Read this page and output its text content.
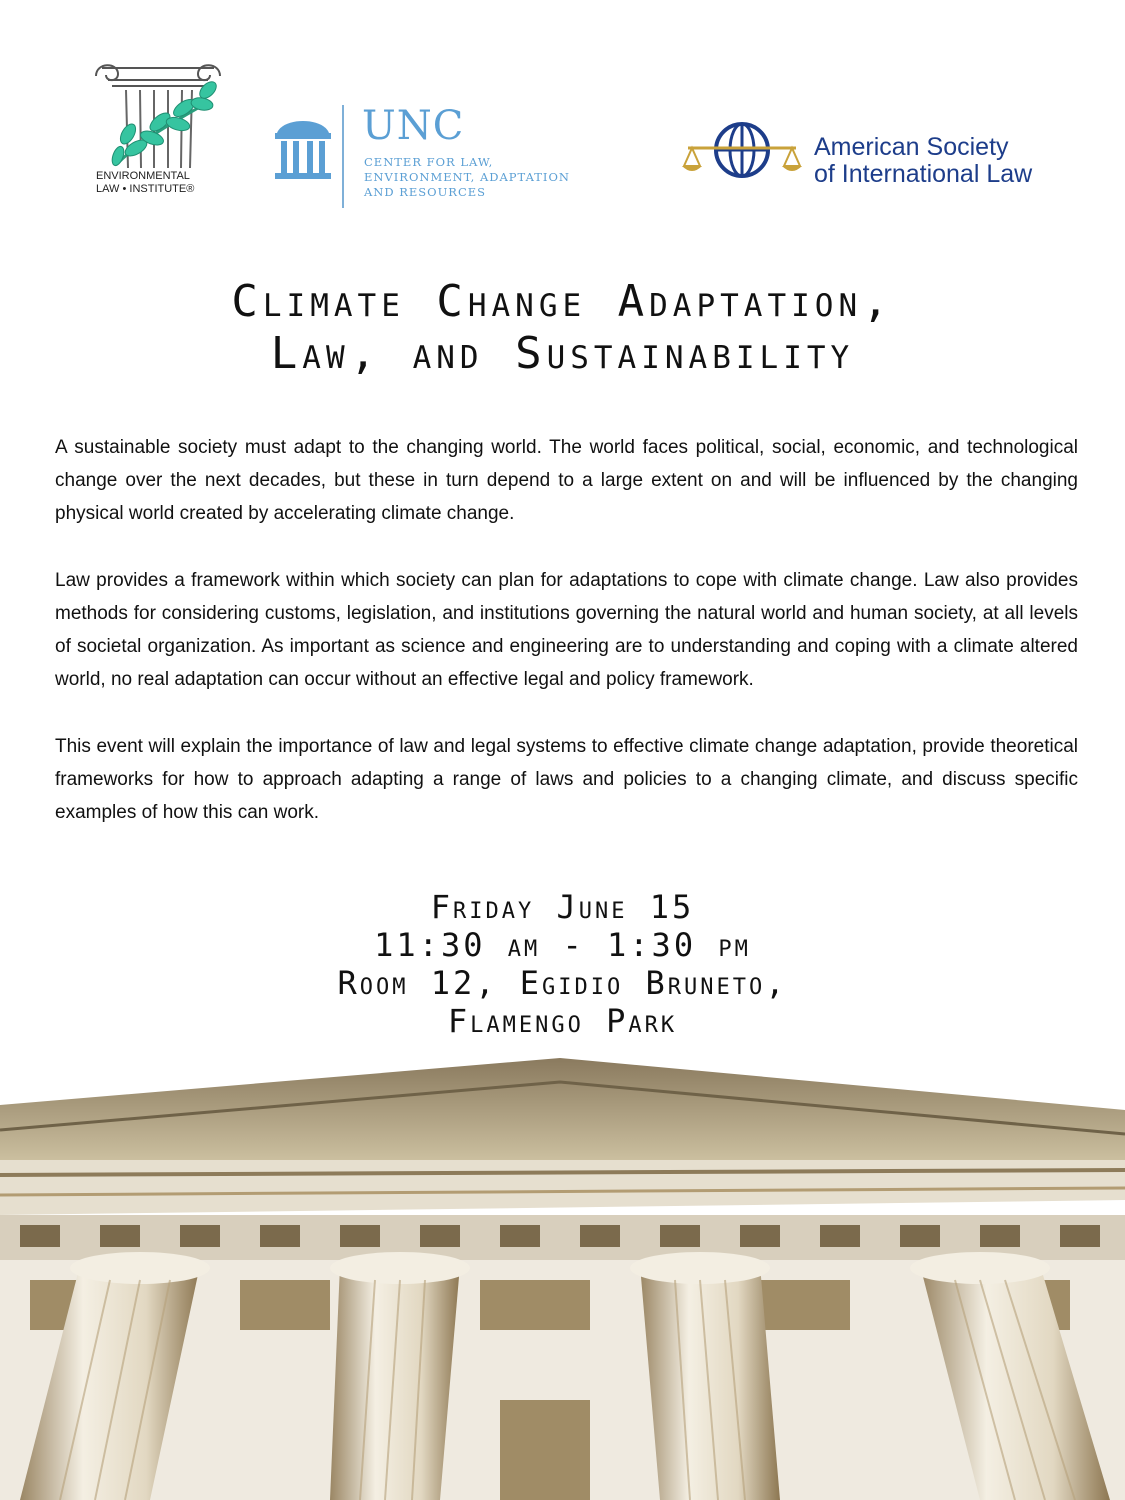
ENVIRONMENTAL
LAW • INSTITUTE®
UNC
CENTER FOR LAW,
ENVIRONMENT, ADAPTATION
AND RESOURCES
American Society
of International Law
Climate Change Adaptation,
Law, and Sustainability

A sustainable society must adapt to the changing world. The world faces political, social, economic, and technological change over the next decades, but these in turn depend to a large extent on and will be influenced by the changing physical world created by accelerating climate change.

Law provides a framework within which society can plan for adaptations to cope with climate change. Law also provides methods for considering customs, legislation, and institutions governing the natural world and human society, at all levels of societal organization. As important as science and engineering are to understanding and coping with a climate altered world, no real adaptation can occur without an effective legal and policy framework.

This event will explain the importance of law and legal systems to effective climate change adaptation, provide theoretical frameworks for how to approach adapting a range of laws and policies to a changing climate, and discuss specific examples of how this can work.

Friday June 15
11:30 am - 1:30 pm
Room 12, Egidio Bruneto,
Flamengo Park
